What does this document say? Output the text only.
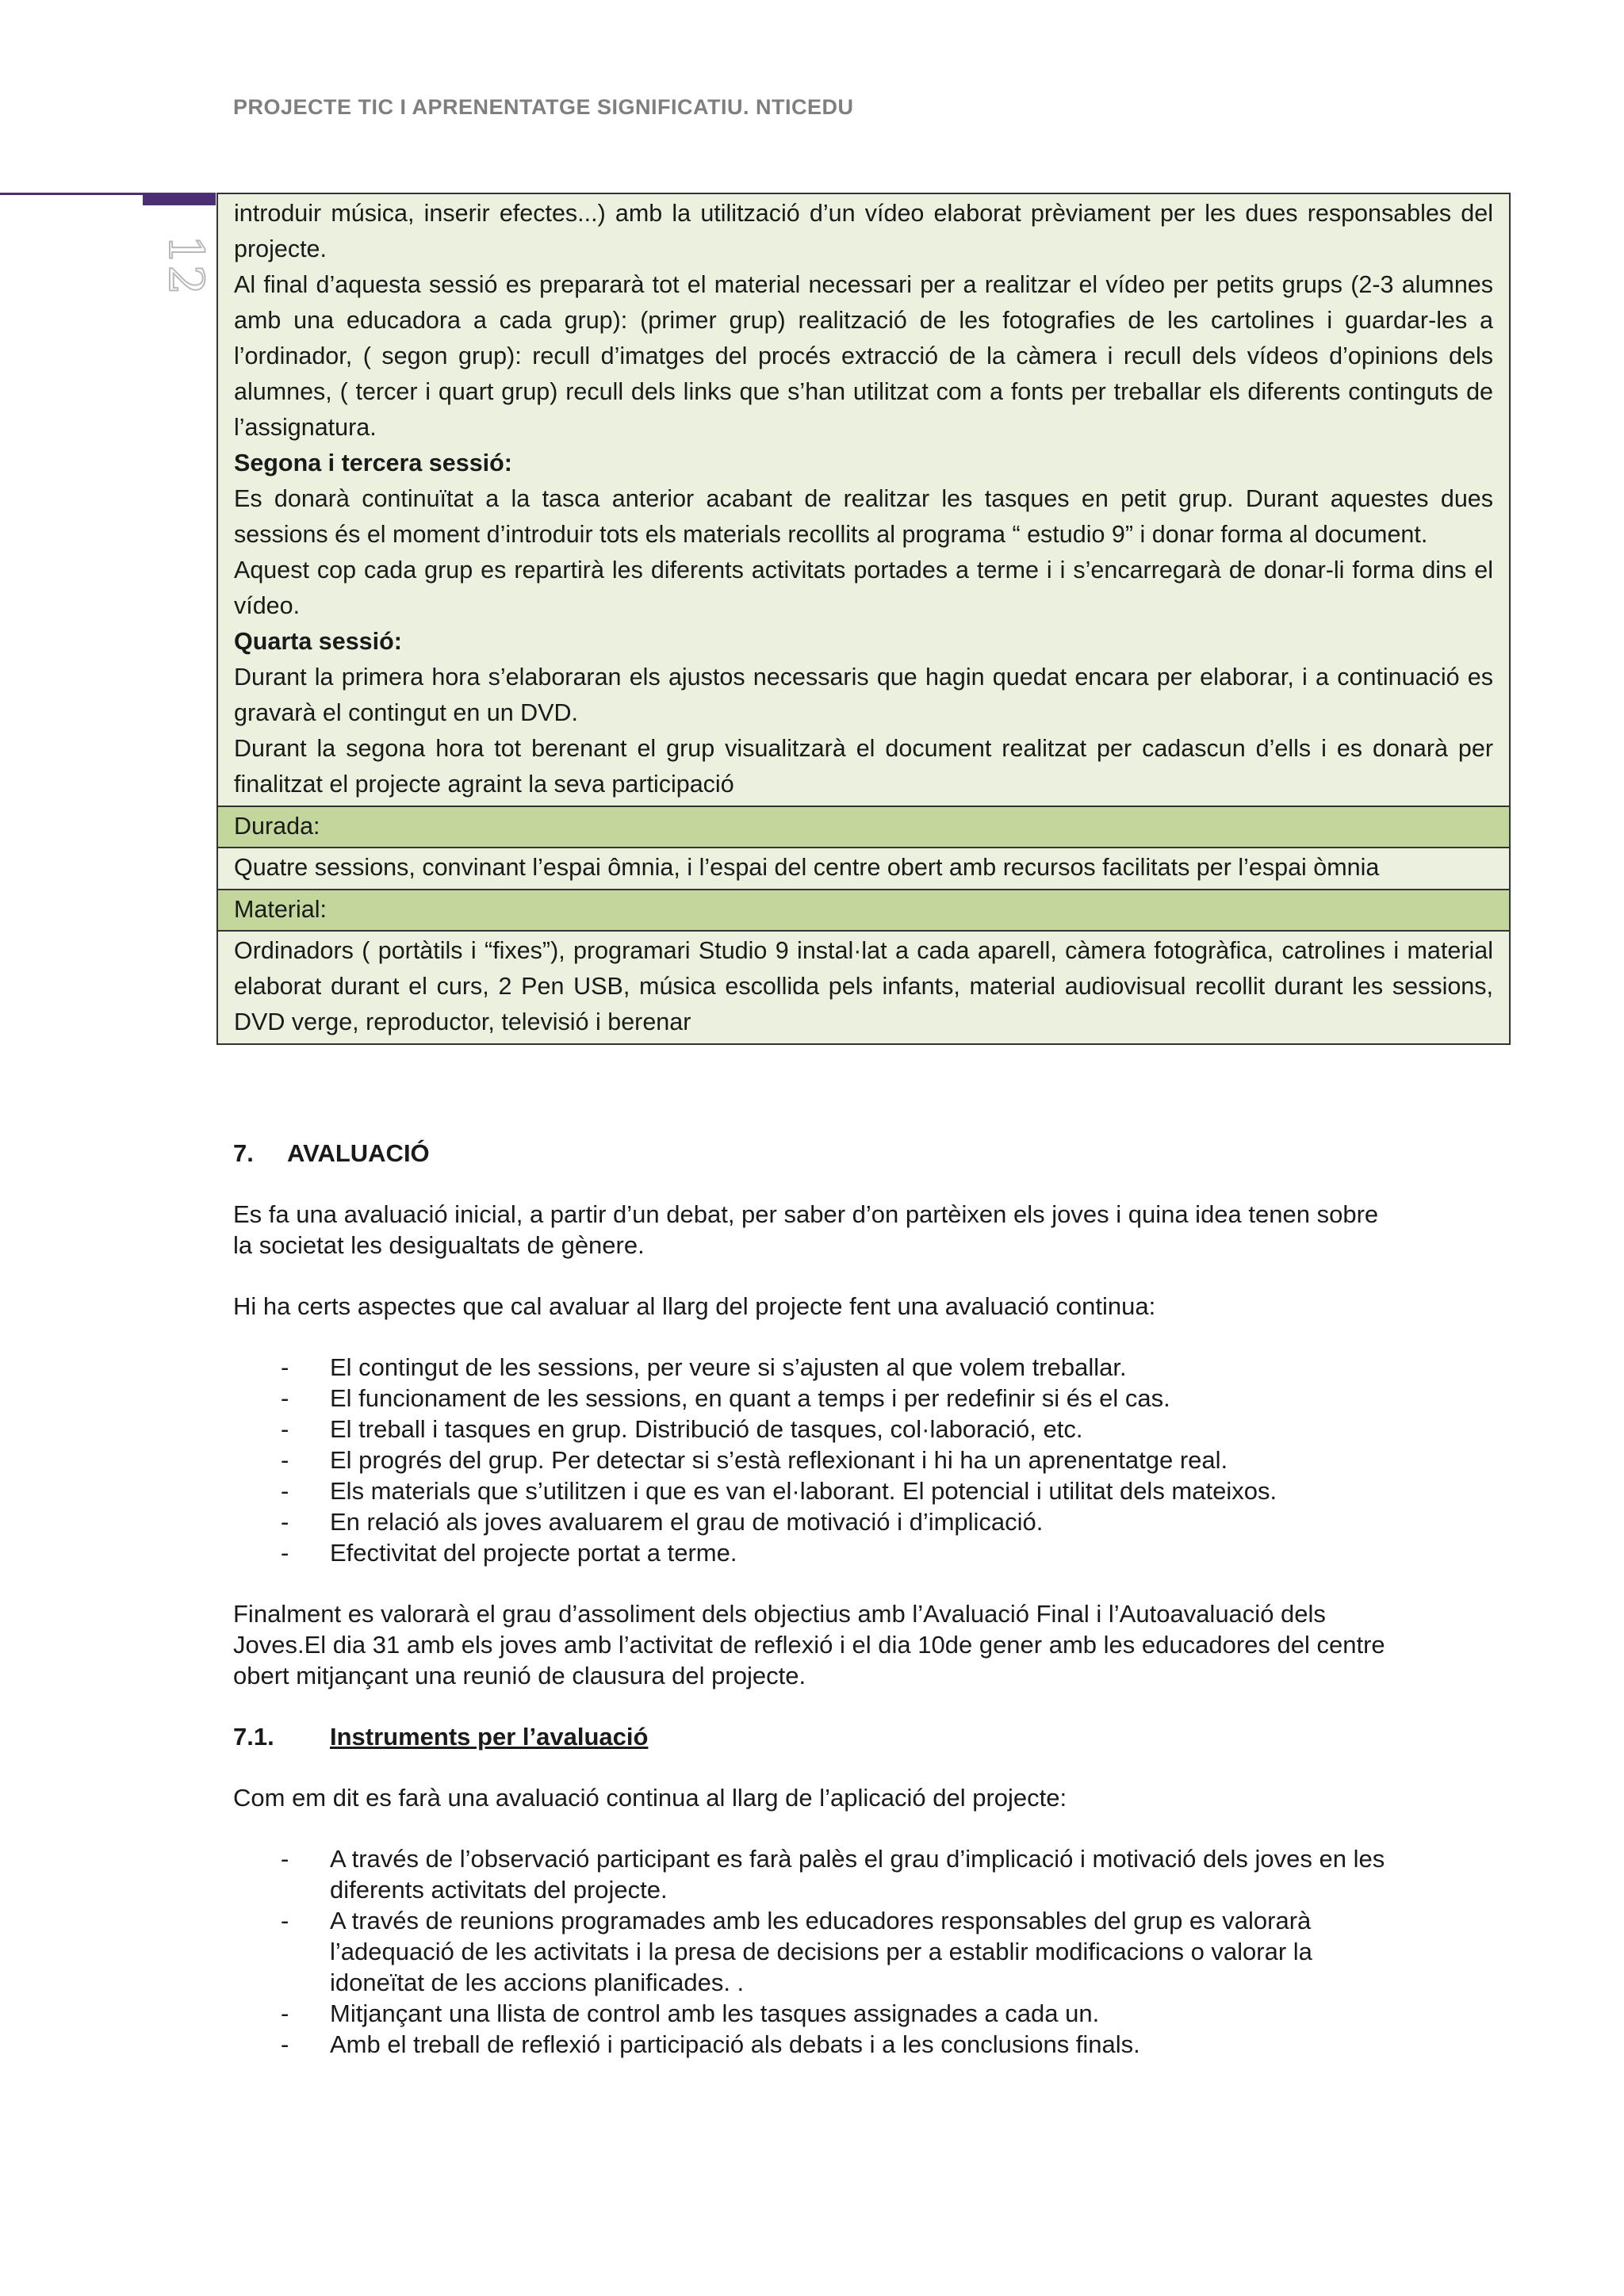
PROJECTE TIC I APRENENTATGE SIGNIFICATIU. NTICEDU
12

introduir música, inserir efectes...) amb la utilització d’un vídeo elaborat prèviament per les dues responsables del projecte.

Al final d’aquesta sessió es prepararà tot el material necessari per a realitzar el vídeo per petits grups (2-3 alumnes amb una educadora a cada grup): (primer grup) realització de les fotografies de les cartolines i guardar-les a l’ordinador, ( segon grup): recull d’imatges del procés extracció de la càmera i recull dels vídeos d’opinions dels alumnes, ( tercer i quart grup) recull dels links que s’han utilitzat com a fonts per treballar els diferents continguts de l’assignatura.

Segona i tercera sessió:

Es donarà continuïtat a la tasca anterior acabant de realitzar les tasques en petit grup. Durant aquestes dues sessions és el moment d’introduir tots els materials recollits al programa “ estudio 9” i donar forma al document.

Aquest cop cada grup es repartirà les diferents activitats portades a terme i i s’encarregarà de donar-li forma dins el vídeo.

Quarta sessió:

Durant la primera hora s’elaboraran els ajustos necessaris que hagin quedat encara per elaborar, i a continuació es gravarà el contingut en un DVD.

Durant la segona hora tot berenant el grup visualitzarà el document realitzat per cadascun d’ells i es donarà per finalitzat el projecte agraint la seva participació

Durada:
Quatre sessions, convinant l’espai ômnia, i l’espai del centre obert amb recursos facilitats per l’espai òmnia
Material:
Ordinadors ( portàtils i “fixes”), programari Studio 9 instal·lat a cada aparell, càmera fotogràfica, catrolines i material elaborat durant el curs, 2 Pen USB, música escollida pels infants, material audiovisual recollit durant les sessions, DVD verge, reproductor, televisió i berenar

7. AVALUACIÓ

Es fa una avaluació inicial, a partir d’un debat, per saber d’on partèixen els joves i quina idea tenen sobre la societat les desigualtats de gènere.

Hi ha certs aspectes que cal avaluar al llarg del projecte fent una avaluació continua:

- El contingut de les sessions, per veure si s’ajusten al que volem treballar.
- El funcionament de les sessions, en quant a temps i per redefinir si és el cas.
- El treball i tasques en grup. Distribució de tasques, col·laboració, etc.
- El progrés del grup. Per detectar si s’està reflexionant i hi ha un aprenentatge real.
- Els materials que s’utilitzen i que es van el·laborant. El potencial i utilitat dels mateixos.
- En relació als joves avaluarem el grau de motivació i d’implicació.
- Efectivitat del projecte portat a terme.

Finalment es valorarà el grau d’assoliment dels objectius amb l’Avaluació Final i l’Autoavaluació dels Joves.El dia 31 amb els joves amb l’activitat de reflexió i el dia 10de gener amb les educadores del centre obert mitjançant una reunió de clausura del projecte.

7.1. Instruments per l’avaluació

Com em dit es farà una avaluació continua al llarg de l’aplicació del projecte:

- A través de l’observació participant es farà palès el grau d’implicació i motivació dels joves en les diferents activitats del projecte.
- A través de reunions programades amb les educadores responsables del grup es valorarà l’adequació de les activitats i la presa de decisions per a establir modificacions o valorar la idoneïtat de les accions planificades. .
- Mitjançant una llista de control amb les tasques assignades a cada un.
- Amb el treball de reflexió i participació als debats i a les conclusions finals.
